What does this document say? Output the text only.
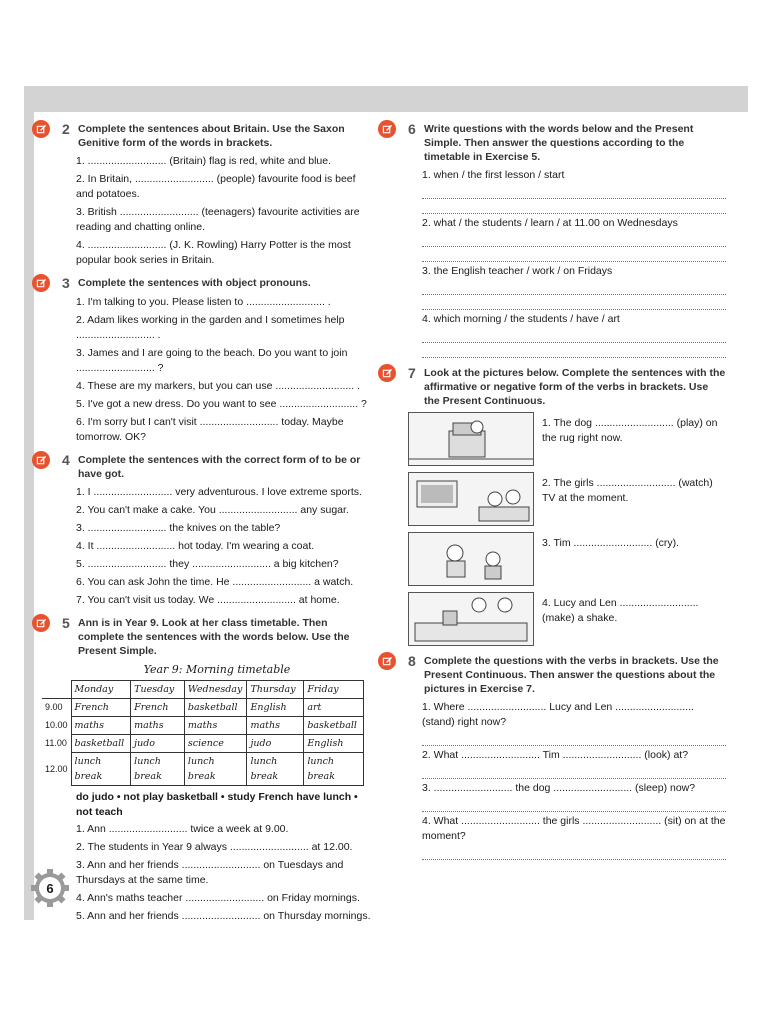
2 Complete the sentences about Britain. Use the Saxon Genitive form of the words in brackets.
1. ........................... (Britain) flag is red, white and blue.
2. In Britain, ........................... (people) favourite food is beef and potatoes.
3. British ........................... (teenagers) favourite activities are reading and chatting online.
4. ........................... (J. K. Rowling) Harry Potter is the most popular book series in Britain.
3 Complete the sentences with object pronouns.
1. I'm talking to you. Please listen to ........................... .
2. Adam likes working in the garden and I sometimes help ........................... .
3. James and I are going to the beach. Do you want to join ........................... ?
4. These are my markers, but you can use ........................... .
5. I've got a new dress. Do you want to see ........................... ?
6. I'm sorry but I can't visit ........................... today. Maybe tomorrow. OK?
4 Complete the sentences with the correct form of to be or have got.
1. I ........................... very adventurous. I love extreme sports.
2. You can't make a cake. You ........................... any sugar.
3. ........................... the knives on the table?
4. It ........................... hot today. I'm wearing a coat.
5. ........................... they ........................... a big kitchen?
6. You can ask John the time. He ........................... a watch.
7. You can't visit us today. We ........................... at home.
5 Ann is in Year 9. Look at her class timetable. Then complete the sentences with the words below. Use the Present Simple.
Year 9: Morning timetable
	Monday	Tuesday	Wednesday	Thursday	Friday
9.00	French	French	basketball	English	art
10.00	maths	maths	maths	maths	basketball
11.00	basketball	judo	science	judo	English
12.00	lunch break	lunch break	lunch break	lunch break	lunch break
do judo • not play basketball • study French have lunch • not teach
1. Ann ........................... twice a week at 9.00.
2. The students in Year 9 always ........................... at 12.00.
3. Ann and her friends ........................... on Tuesdays and Thursdays at the same time.
4. Ann's maths teacher ........................... on Friday mornings.
5. Ann and her friends ........................... on Thursday mornings.
6 Write questions with the words below and the Present Simple. Then answer the questions according to the timetable in Exercise 5.
1. when / the first lesson / start
2. what / the students / learn / at 11.00 on Wednesdays
3. the English teacher / work / on Fridays
4. which morning / the students / have / art
7 Look at the pictures below. Complete the sentences with the affirmative or negative form of the verbs in brackets. Use the Present Continuous.
1. The dog ........................... (play) on the rug right now.
2. The girls ........................... (watch) TV at the moment.
3. Tim ........................... (cry).
4. Lucy and Len ........................... (make) a shake.
8 Complete the questions with the verbs in brackets. Use the Present Continuous. Then answer the questions about the pictures in Exercise 7.
1. Where ........................... Lucy and Len ........................... (stand) right now?
2. What ........................... Tim ........................... (look) at?
3. ........................... the dog ........................... (sleep) now?
4. What ........................... the girls ........................... (sit) on at the moment?
6
